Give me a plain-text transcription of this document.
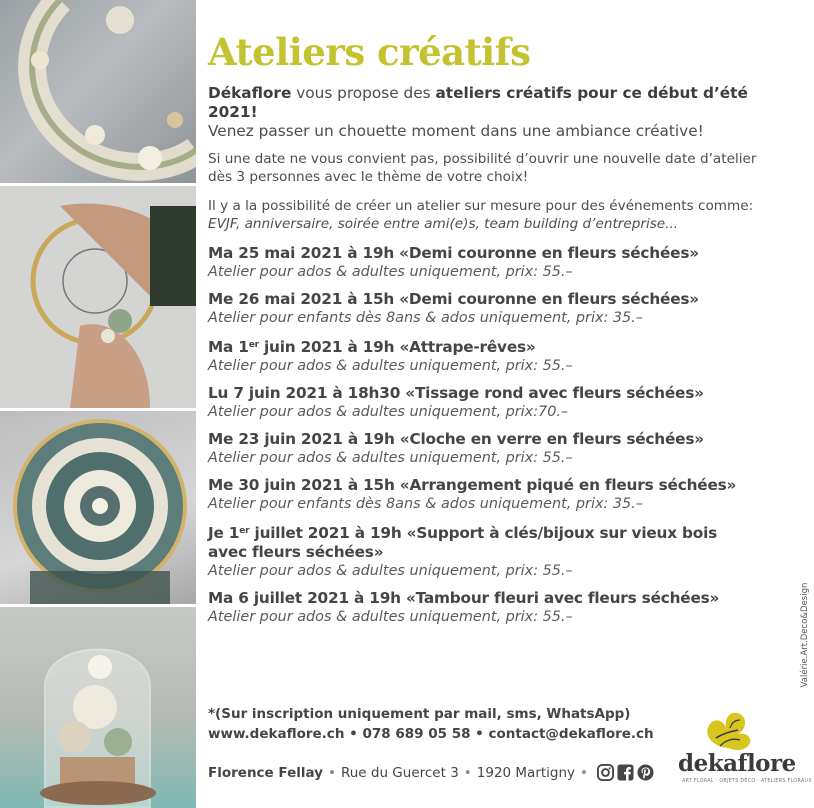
Ateliers créatifs

Dékaflore vous propose des ateliers créatifs pour ce début d’été 2021!
Venez passer un chouette moment dans une ambiance créative!

Si une date ne vous convient pas, possibilité d’ouvrir une nouvelle date d’atelier dès 3 personnes avec le thème de votre choix!

Il y a la possibilité de créer un atelier sur mesure pour des événements comme: EVJF, anniversaire, soirée entre ami(e)s, team building d’entreprise...

Ma 25 mai 2021 à 19h «Demi couronne en fleurs séchées»
Atelier pour ados & adultes uniquement, prix: 55.–
Me 26 mai 2021 à 15h «Demi couronne en fleurs séchées»
Atelier pour enfants dès 8ans & ados uniquement, prix: 35.–
Ma 1er juin 2021 à 19h «Attrape-rêves»
Atelier pour ados & adultes uniquement, prix: 55.–
Lu 7 juin 2021 à 18h30 «Tissage rond avec fleurs séchées»
Atelier pour ados & adultes uniquement, prix:70.–
Me 23 juin 2021 à 19h «Cloche en verre en fleurs séchées»
Atelier pour ados & adultes uniquement, prix: 55.–
Me 30 juin 2021 à 15h «Arrangement piqué en fleurs séchées»
Atelier pour enfants dès 8ans & ados uniquement, prix: 35.–
Je 1er juillet 2021 à 19h «Support à clés/bijoux sur vieux bois avec fleurs séchées»
Atelier pour ados & adultes uniquement, prix: 55.–
Ma 6 juillet 2021 à 19h «Tambour fleuri avec fleurs séchées»
Atelier pour ados & adultes uniquement, prix: 55.–
*(Sur inscription uniquement par mail, sms, WhatsApp)
www.dekaflore.ch • 078 689 05 58 • contact@dekaflore.ch
Florence Fellay • Rue du Guercet 3 • 1920 Martigny •	dekaflore
ART FLORAL · OBJETS DÉCO · ATELIERS FLORAUX
Valérie.Art.Deco&Design
